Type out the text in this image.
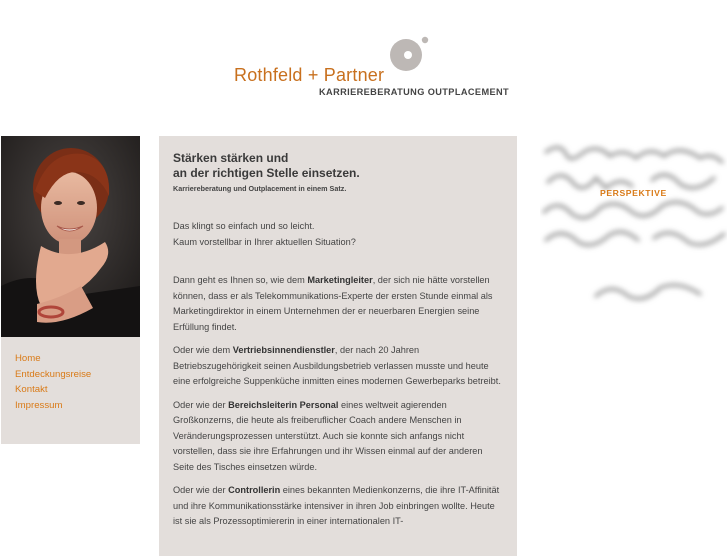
Rothfeld + Partner
KARRIEREBERATUNG OUTPLACEMENT
Home
Entdeckungsreise
Kontakt
Impressum
Stärken stärken und
an der richtigen Stelle einsetzen.

Karriereberatung und Outplacement in einem Satz.

Das klingt so einfach und so leicht.
Kaum vorstellbar in Ihrer aktuellen Situation?

Dann geht es Ihnen so, wie dem Marketingleiter, der sich nie hätte vorstellen können, dass er als Telekommunikations-Experte der ersten Stunde einmal als Marketingdirektor in einem Unternehmen der er neuerbaren Energien seine Erfüllung findet.

Oder wie dem Vertriebsinnendienstler, der nach 20 Jahren Betriebszugehörigkeit seinen Ausbildungsbetrieb verlassen musste und heute eine erfolgreiche Suppenküche inmitten eines modernen Gewerbeparks betreibt.

Oder wie der Bereichsleiterin Personal eines weltweit agierenden Großkonzerns, die heute als freiberuflicher Coach andere Menschen in Veränderungsprozessen unterstützt. Auch sie konnte sich anfangs nicht vorstellen, dass sie ihre Erfahrungen und ihr Wissen einmal auf der anderen Seite des Tisches einsetzen würde.

Oder wie der Controllerin eines bekannten Medienkonzerns, die ihre IT-Affinität und ihre Kommunikationsstärke intensiver in ihren Job einbringen wollte. Heute ist sie als Prozessoptimiererin in einer internationalen IT-

PERSPEKTIVE
